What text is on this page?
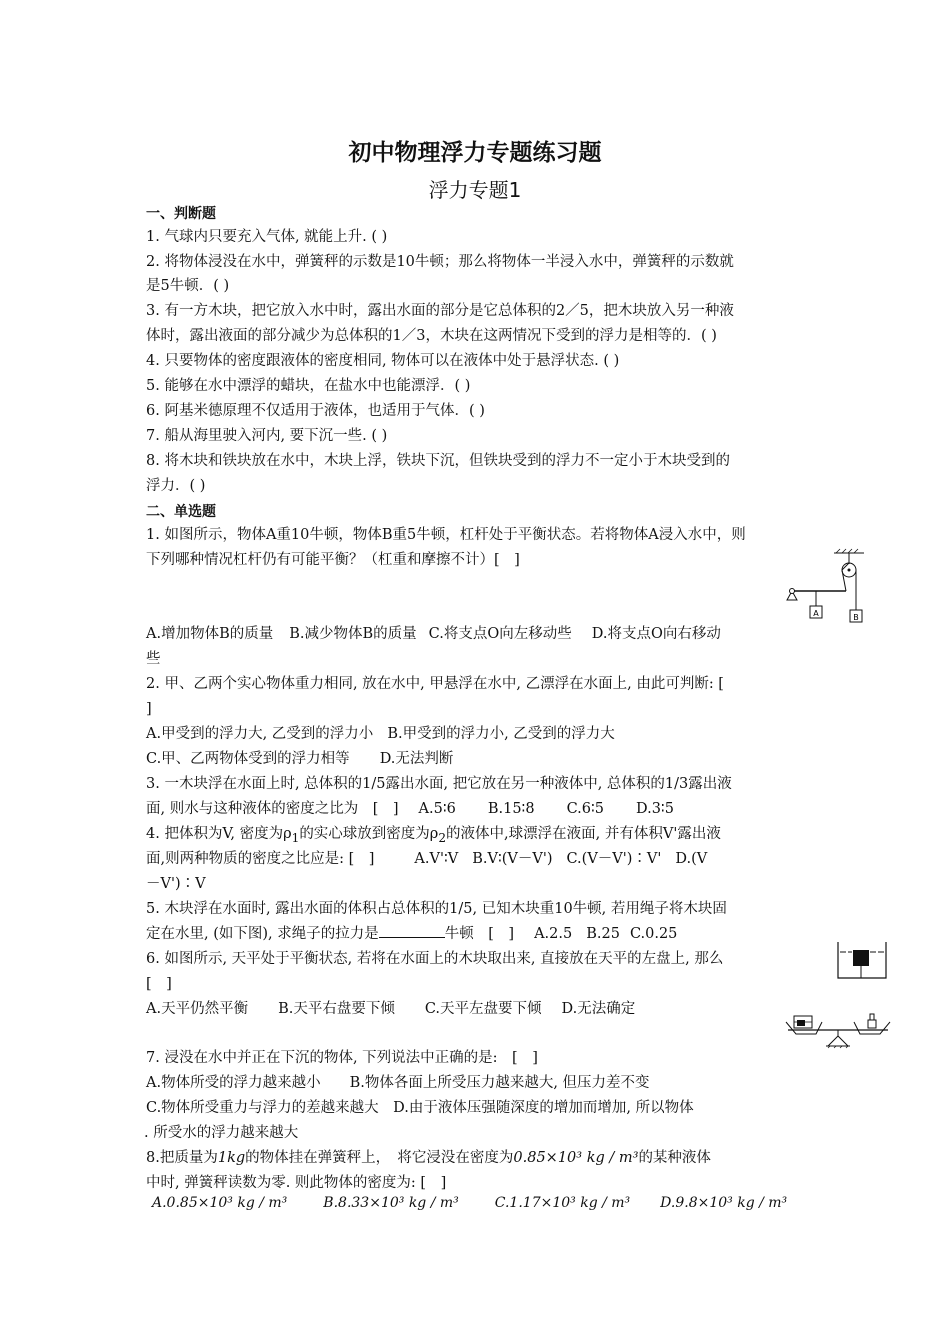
初中物理浮力专题练习题
浮力专题1
一、判断题
1. 气球内只要充入气体, 就能上升. ( )
2. 将物体浸没在水中，弹簧秤的示数是10牛顿；那么将物体一半浸入水中，弹簧秤的示数就
是5牛顿．( )
3. 有一方木块，把它放入水中时，露出水面的部分是它总体积的2／5，把木块放入另一种液
体时，露出液面的部分减少为总体积的1／3，木块在这两情况下受到的浮力是相等的．( )
4. 只要物体的密度跟液体的密度相同, 物体可以在液体中处于悬浮状态. ( )
5. 能够在水中漂浮的蜡块，在盐水中也能漂浮．( )
6. 阿基米德原理不仅适用于液体，也适用于气体．( )
7. 船从海里驶入河内, 要下沉一些. ( )
8. 将木块和铁块放在水中，木块上浮，铁块下沉，但铁块受到的浮力不一定小于木块受到的
浮力．( )
二、单选题
1. 如图所示，物体A重10牛顿，物体B重5牛顿，杠杆处于平衡状态。若将物体A浸入水中，则
下列哪种情况杠杆仍有可能平衡？（杠重和摩擦不计）[　]
A	B
A.增加物体B的质量 B.减少物体B的质量 C.将支点O向左移动些 D.将支点O向右移动
些
2. 甲、乙两个实心物体重力相同, 放在水中, 甲悬浮在水中, 乙漂浮在水面上, 由此可判断: [
]
A.甲受到的浮力大, 乙受到的浮力小 B.甲受到的浮力小, 乙受到的浮力大
C.甲、乙两物体受到的浮力相等 D.无法判断
3. 一木块浮在水面上时, 总体积的1/5露出水面, 把它放在另一种液体中, 总体积的1/3露出液
面, 则水与这种液体的密度之比为　[　] A.5∶6 B.15∶8 C.6∶5 D.3∶5
4. 把体积为V, 密度为$\rho_1$的实心球放到密度为$\rho_2$的液体中,球漂浮在液面, 并有体积V'露出液
面,则两种物质的密度之比应是: [　]	A.V'∶V B.V∶(V－V') C.(V－V')∶V' D.(V
－V')∶V
5. 木块浮在水面时, 露出水面的体积占总体积的1/5, 已知木块重10牛顿, 若用绳子将木块固
定在水里, (如下图), 求绳子的拉力是	牛顿　[　] A.2.5 B.25 C.0.25
6. 如图所示, 天平处于平衡状态, 若将在水面上的木块取出来, 直接放在天平的左盘上, 那么
[　]
A.天平仍然平衡 B.天平右盘要下倾 C.天平左盘要下倾 D.无法确定
7. 浸没在水中并正在下沉的物体, 下列说法中正确的是:　[　]
A.物体所受的浮力越来越小　　B.物体各面上所受压力越来越大, 但压力差不变
C.物体所受重力与浮力的差越来越大　D.由于液体压强随深度的增加而增加, 所以物体
. 所受水的浮力越来越大
8.把质量为1kg的物体挂在弹簧秤上，　将它浸没在密度为0.85×10³ kg / m³的某种液体
中时, 弹簧秤读数为零. 则此物体的密度为: [　]
A.0.85×10³ kg / m³	B.8.33×10³ kg / m³	C.1.17×10³ kg / m³ D.9.8×10³ kg / m³
